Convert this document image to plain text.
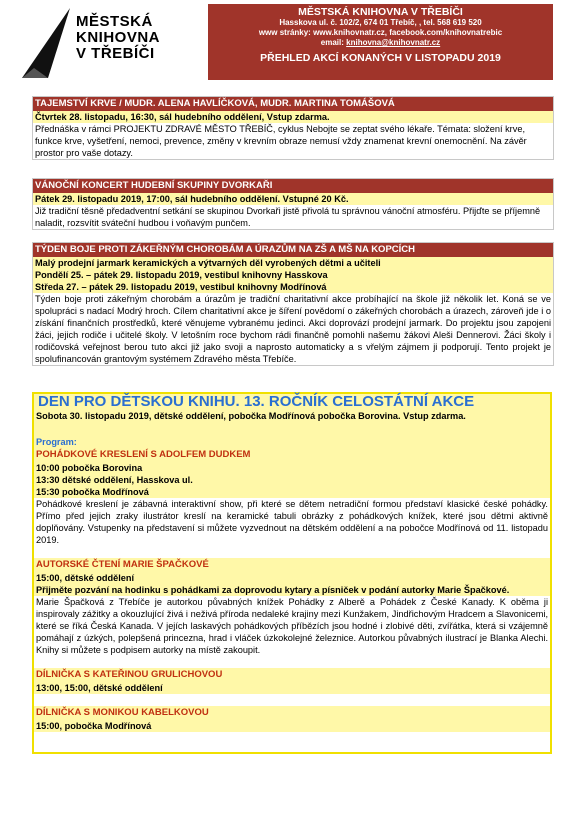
MĚSTSKÁ
KNIHOVNA
V TŘEBÍČI
MĚSTSKÁ KNIHOVNA V TŘEBÍČI
Hasskova ul. č. 102/2, 674 01 Třebíč, , tel. 568 619 520
www stránky: www.knihovnatr.cz, facebook.com/knihovnatrebic
email: knihovna@knihovnatr.cz
PŘEHLED AKCÍ KONANÝCH V LISTOPADU 2019
TAJEMSTVÍ KRVE / MUDR. ALENA HAVLÍČKOVÁ, MUDR. MARTINA TOMÁŠOVÁ
Čtvrtek 28. listopadu, 16:30, sál hudebního oddělení, Vstup zdarma.
Přednáška v rámci PROJEKTU ZDRAVÉ MĚSTO TŘEBÍČ, cyklus Nebojte se zeptat svého lékaře. Témata: složení krve, funkce krve, vyšetření, nemoci, prevence, změny v krevním obraze nemusí vždy znamenat krevní onemocnění. Na závěr prostor pro vaše dotazy.
VÁNOČNÍ KONCERT HUDEBNÍ SKUPINY DVORKAŘI
Pátek 29. listopadu 2019, 17:00, sál hudebního oddělení. Vstupné 20 Kč.
Již tradiční těsně předadventní setkání se skupinou Dvorkaři jistě přivolá tu správnou vánoční atmosféru. Přijďte se příjemně naladit, rozsvítit sváteční hudbou i voňavým punčem.
TÝDEN BOJE PROTI ZÁKEŘNÝM CHOROBÁM A ÚRAZŮM NA ZŠ A MŠ NA KOPCÍCH
Malý prodejní jarmark keramických a výtvarných děl vyrobených dětmi a učiteli
Pondělí 25. – pátek 29. listopadu 2019, vestibul knihovny Hasskova
Středa 27. – pátek 29. listopadu 2019, vestibul knihovny Modřínová
Týden boje proti zákeřným chorobám a úrazům je tradiční charitativní akce probíhající na škole již několik let. Koná se ve spolupráci s nadací Modrý hroch. Cílem charitativní akce je šíření povědomí o zákeřných chorobách a úrazech, zároveň jde i o získání finančních prostředků, které věnujeme vybranému jedinci. Akci doprovází prodejní jarmark. Do projektu jsou zapojeni žáci, jejich rodiče i učitelé školy. V letošním roce bychom rádi finančně pomohli našemu žákovi Aleši Dennerovi. Žáci školy i rodičovská veřejnost berou tuto akci již jako svoji a naprosto automaticky a s vřelým zájmem ji podporují. Tento projekt je spolufinancován grantovým systémem Zdravého města Třebíče.
DEN PRO DĚTSKOU KNIHU. 13. ROČNÍK CELOSTÁTNÍ AKCE
Sobota 30. listopadu 2019, dětské oddělení, pobočka Modřínová pobočka Borovina. Vstup zdarma.
Program:
POHÁDKOVÉ KRESLENÍ S ADOLFEM DUDKEM
10:00 pobočka Borovina
13:30 dětské oddělení, Hasskova ul.
15:30 pobočka Modřínová
Pohádkové kreslení je zábavná interaktivní show, při které se dětem netradiční formou představí klasické české pohádky. Přímo před jejich zraky ilustrátor kreslí na keramické tabuli obrázky z pohádkových knížek, které jsou dětmi aktivně doplňovány. Vstupenky na představení si můžete vyzvednout na dětském oddělení a na pobočce Modřínová od 11. listopadu 2019.
AUTORSKÉ ČTENÍ MARIE ŠPAČKOVÉ
15:00, dětské oddělení
Přijměte pozvání na hodinku s pohádkami za doprovodu kytary a písniček v podání autorky Marie Špačkové.
Marie Špačková z Třebíče je autorkou půvabných knížek Pohádky z Alberě a Pohádek z České Kanady. K oběma ji inspirovaly zážitky a okouzlující živá i neživá příroda nedaleké krajiny mezi Kunžakem, Jindřichovým Hradcem a Slavonicemi, které se říká Česká Kanada. V jejích laskavých pohádkových příbězích jsou hodné i zlobivé děti, zvířátka, která si vzájemně pomáhají z úzkých, polepšená princezna, hrad i vláček úzkokolejné železnice. Autorkou půvabných ilustrací je Blanka Alechi. Knihy si můžete s podpisem autorky na místě zakoupit.
DÍLNIČKA S KATEŘINOU GRULICHOVOU
13:00, 15:00, dětské oddělení
DÍLNIČKA S MONIKOU KABELKOVOU
15:00, pobočka Modřínová
